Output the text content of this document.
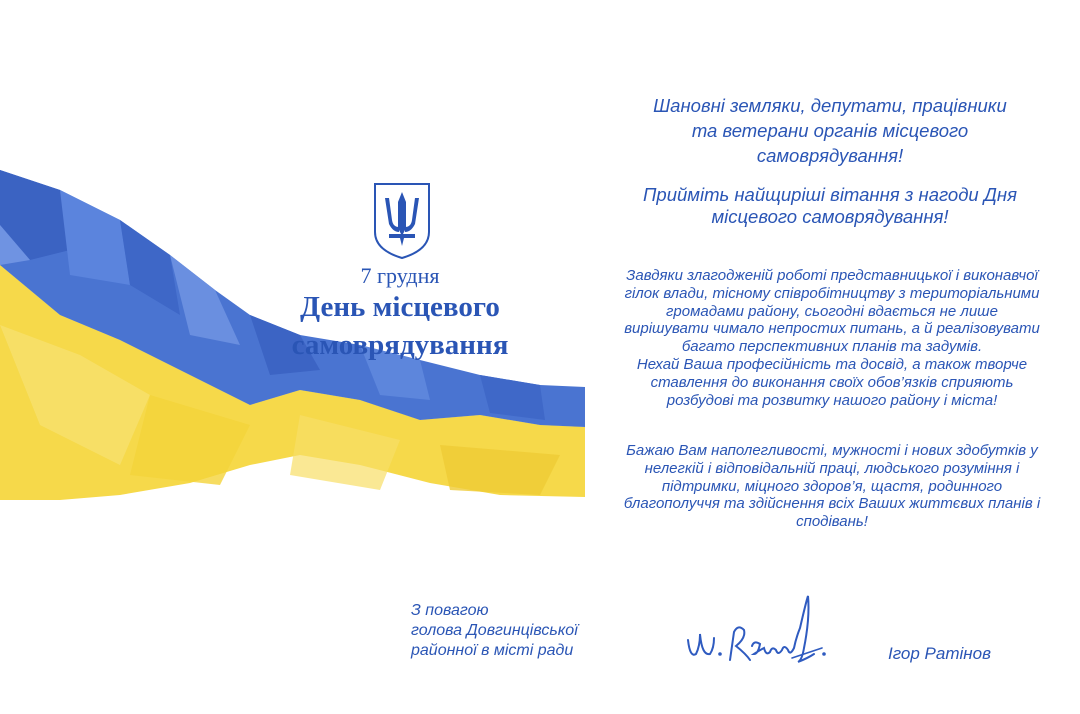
7 грудня
День місцевого
самоврядування
Шановні земляки, депутати, працівники
та ветерани органів місцевого
самоврядування!
Прийміть найщиріші вітання з нагоди Дня
місцевого самоврядування!
Завдяки злагодженій роботі представницької і виконавчої
гілок влади, тісному співробітництву з територіальними
громадами району, сьогодні вдається не лише
вирішувати чимало непростих питань, а й реалізовувати
багато перспективних планів та задумів.
Нехай Ваша професійність та досвід, а також творче
ставлення до виконання своїх обов’язків сприяють
розбудові та розвитку нашого району і міста!
Бажаю Вам наполегливості, мужності і нових здобутків у
нелегкій і відповідальній праці, людського розуміння і
підтримки, міцного здоров’я, щастя, родинного
благополуччя та здійснення всіх Ваших життєвих планів і
сподівань!
З повагою
голова Довгинцівської
районної в місті ради	Ігор Ратінов
